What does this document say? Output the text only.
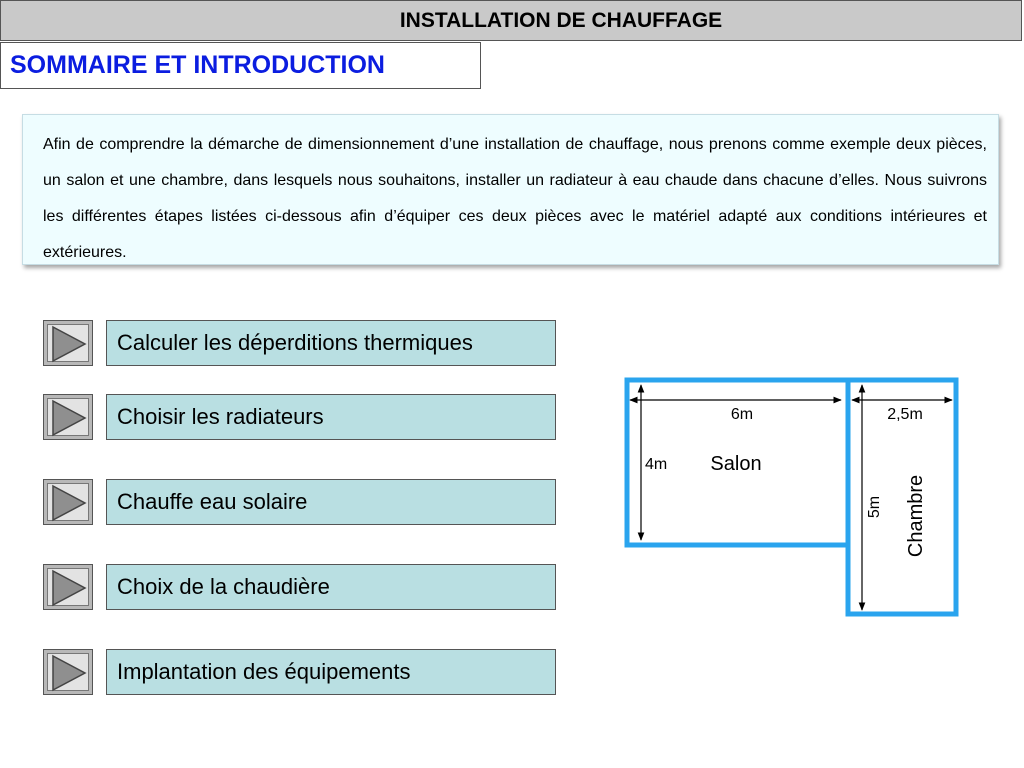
INSTALLATION DE CHAUFFAGE
SOMMAIRE ET INTRODUCTION

Afin de comprendre la démarche de dimensionnement d’une installation de chauffage, nous prenons comme exemple deux pièces, un salon et une chambre, dans lesquels nous souhaitons, installer un radiateur à eau chaude dans chacune d’elles. Nous suivrons les différentes étapes listées ci-dessous afin d’équiper ces deux pièces avec le matériel adapté aux conditions intérieures et extérieures.

Calculer les déperditions thermiques
Choisir les radiateurs
Chauffe eau solaire
Choix de la chaudière
Implantation des équipements
6m
4m Salon
2,5m
5m Chambre
